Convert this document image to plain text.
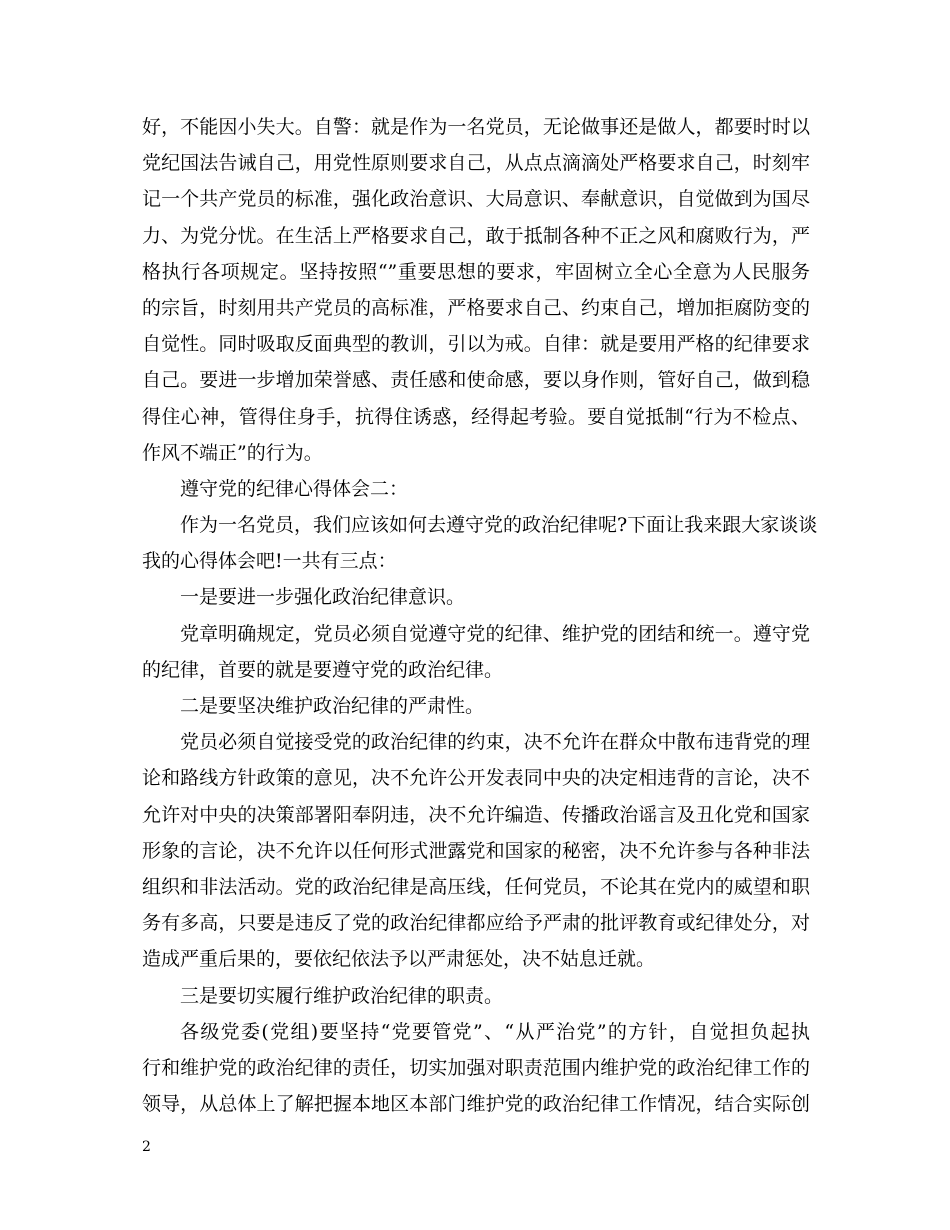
好，不能因小失大。自警：就是作为一名党员，无论做事还是做人，都要时时以
党纪国法告诫自己，用党性原则要求自己，从点点滴滴处严格要求自己，时刻牢
记一个共产党员的标准，强化政治意识、大局意识、奉献意识，自觉做到为国尽
力、为党分忧。在生活上严格要求自己，敢于抵制各种不正之风和腐败行为，严
格执行各项规定。坚持按照“”重要思想的要求，牢固树立全心全意为人民服务
的宗旨，时刻用共产党员的高标准，严格要求自己、约束自己，增加拒腐防变的
自觉性。同时吸取反面典型的教训，引以为戒。自律：就是要用严格的纪律要求
自己。要进一步增加荣誉感、责任感和使命感，要以身作则，管好自己，做到稳
得住心神，管得住身手，抗得住诱惑，经得起考验。要自觉抵制“行为不检点、
作风不端正”的行为。
遵守党的纪律心得体会二：
作为一名党员，我们应该如何去遵守党的政治纪律呢?下面让我来跟大家谈谈
我的心得体会吧!一共有三点：
一是要进一步强化政治纪律意识。
党章明确规定，党员必须自觉遵守党的纪律、维护党的团结和统一。遵守党
的纪律，首要的就是要遵守党的政治纪律。
二是要坚决维护政治纪律的严肃性。
党员必须自觉接受党的政治纪律的约束，决不允许在群众中散布违背党的理
论和路线方针政策的意见，决不允许公开发表同中央的决定相违背的言论，决不
允许对中央的决策部署阳奉阴违，决不允许编造、传播政治谣言及丑化党和国家
形象的言论，决不允许以任何形式泄露党和国家的秘密，决不允许参与各种非法
组织和非法活动。党的政治纪律是高压线，任何党员，不论其在党内的威望和职
务有多高，只要是违反了党的政治纪律都应给予严肃的批评教育或纪律处分，对
造成严重后果的，要依纪依法予以严肃惩处，决不姑息迁就。
三是要切实履行维护政治纪律的职责。
各级党委(党组)要坚持“党要管党”、“从严治党”的方针，自觉担负起执
行和维护党的政治纪律的责任，切实加强对职责范围内维护党的政治纪律工作的
领导，从总体上了解把握本地区本部门维护党的政治纪律工作情况，结合实际创
2
